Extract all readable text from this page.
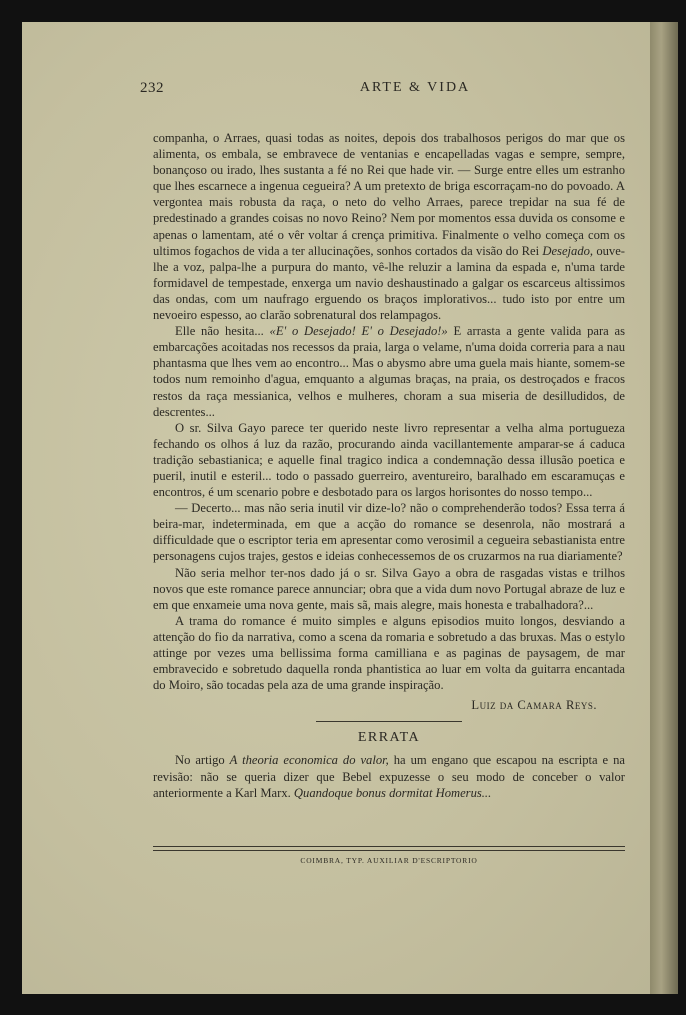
232	ARTE & VIDA

companha, o Arraes, quasi todas as noites, depois dos trabalhosos perigos do mar que os alimenta, os embala, se embravece de ventanias e encapelladas vagas e sempre, sempre, bonançoso ou irado, lhes sustanta a fé no Rei que hade vir. — Surge entre elles um estranho que lhes escarnece a ingenua cegueira? A um pretexto de briga escorraçam-no do povoado. A vergontea mais robusta da raça, o neto do velho Arraes, parece trepidar na sua fé de predestinado a grandes coisas no novo Reino? Nem por momentos essa duvida os consome e apenas o lamentam, até o vêr voltar á crença primitiva. Finalmente o velho começa com os ultimos fogachos de vida a ter allucinações, sonhos cortados da visão do Rei Desejado, ouve-lhe a voz, palpa-lhe a purpura do manto, vê-lhe reluzir a lamina da espada e, n'uma tarde formidavel de tempestade, enxerga um navio deshaustinado a galgar os escarceus altissimos das ondas, com um naufrago erguendo os braços implorativos... tudo isto por entre um nevoeiro espesso, ao clarão sobrenatural dos relampagos.

Elle não hesita... «E' o Desejado! E' o Desejado!» E arrasta a gente valida para as embarcações acoitadas nos recessos da praia, larga o velame, n'uma doida correria para a nau phantasma que lhes vem ao encontro... Mas o abysmo abre uma guela mais hiante, somem-se todos num remoinho d'agua, emquanto a algumas braças, na praia, os destroçados e fracos restos da raça messianica, velhos e mulheres, choram a sua miseria de desilludidos, de descrentes...

O sr. Silva Gayo parece ter querido neste livro representar a velha alma portugueza fechando os olhos á luz da razão, procurando ainda vacillantemente amparar-se á caduca tradição sebastianica; e aquelle final tragico indica a condemnação dessa illusão poetica e pueril, inutil e esteril... todo o passado guerreiro, aventureiro, baralhado em escaramuças e encontros, é um scenario pobre e desbotado para os largos horisontes do nosso tempo...

— Decerto... mas não seria inutil vir dize-lo? não o comprehenderão todos? Essa terra á beira-mar, indeterminada, em que a acção do romance se desenrola, não mostrará a difficuldade que o escriptor teria em apresentar como verosimil a cegueira sebastianista entre personagens cujos trajes, gestos e ideias conhecessemos de os cruzarmos na rua diariamente?

Não seria melhor ter-nos dado já o sr. Silva Gayo a obra de rasgadas vistas e trilhos novos que este romance parece annunciar; obra que a vida dum novo Portugal abraze de luz e em que enxameie uma nova gente, mais sã, mais alegre, mais honesta e trabalhadora?...

A trama do romance é muito simples e alguns episodios muito longos, desviando a attenção do fio da narrativa, como a scena da romaria e sobretudo a das bruxas. Mas o estylo attinge por vezes uma bellissima forma camilliana e as paginas de paysagem, de mar embravecido e sobretudo daquella ronda phantistica ao luar em volta da guitarra encantada do Moiro, são tocadas pela aza de uma grande inspiração.

Luiz da Camara Reys.
ERRATA

No artigo A theoria economica do valor, ha um engano que escapou na escripta e na revisão: não se queria dizer que Bebel expuzesse o seu modo de conceber o valor anteriormente a Karl Marx. Quandoque bonus dormitat Homerus...

COIMBRA, TYP. AUXILIAR D'ESCRIPTORIO
